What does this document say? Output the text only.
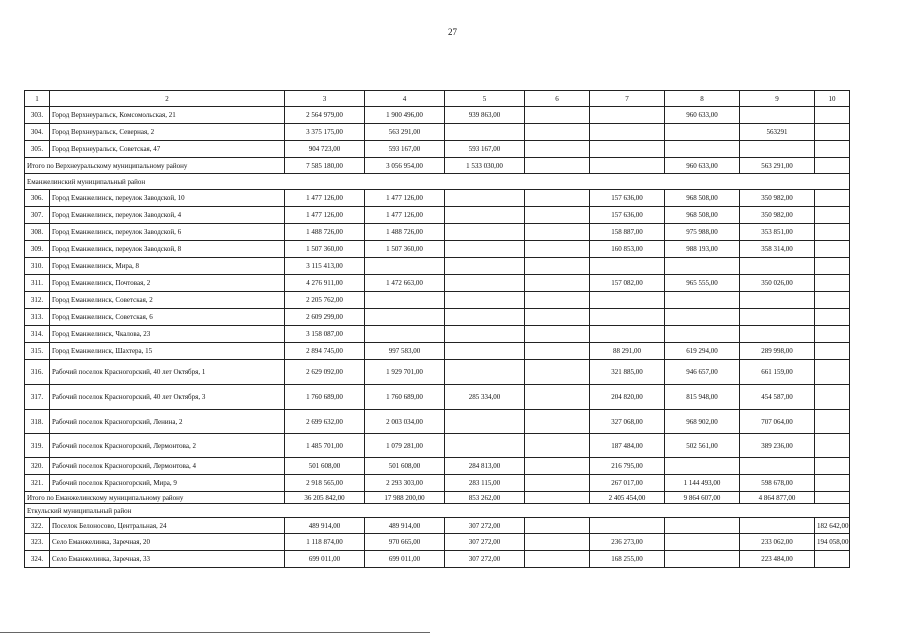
27
1	2	3	4	5	6	7	8	9	10
303.	Город Верхнеуральск, Комсомольская, 21	2 564 979,00	1 900 496,00	939 863,00			960 633,00		
304.	Город Верхнеуральск, Северная, 2	3 375 175,00	563 291,00					563291	
305.	Город Верхнеуральск, Советская, 47	904 723,00	593 167,00	593 167,00					
Итого по Верхнеуральскому муниципальному району		7 585 180,00	3 056 954,00	1 533 030,00			960 633,00	563 291,00	
Еманжелинский муниципальный район									
306.	Город Еманжелинск, переулок Заводской, 10	1 477 126,00	1 477 126,00			157 636,00	968 508,00	350 982,00	
307.	Город Еманжелинск, переулок Заводской, 4	1 477 126,00	1 477 126,00			157 636,00	968 508,00	350 982,00	
308.	Город Еманжелинск, переулок Заводской, 6	1 488 726,00	1 488 726,00			158 887,00	975 988,00	353 851,00	
309.	Город Еманжелинск, переулок Заводской, 8	1 507 360,00	1 507 360,00			160 853,00	988 193,00	358 314,00	
310.	Город Еманжелинск, Мира, 8	3 115 413,00							
311.	Город Еманжелинск, Почтовая, 2	4 276 911,00	1 472 663,00			157 082,00	965 555,00	350 026,00	
312.	Город Еманжелинск, Советская, 2	2 205 762,00							
313.	Город Еманжелинск, Советская, 6	2 609 299,00							
314.	Город Еманжелинск, Чкалова, 23	3 158 087,00							
315.	Город Еманжелинск, Шахтера, 15	2 894 745,00	997 583,00			88 291,00	619 294,00	289 998,00	
316.	Рабочий поселок Красногорский, 40 лет Октября, 1	2 629 092,00	1 929 701,00			321 885,00	946 657,00	661 159,00	
317.	Рабочий поселок Красногорский, 40 лет Октября, 3	1 760 689,00	1 760 689,00	285 334,00		204 820,00	815 948,00	454 587,00	
318.	Рабочий поселок Красногорский, Ленина, 2	2 699 632,00	2 003 034,00			327 068,00	968 902,00	707 064,00	
319.	Рабочий поселок Красногорский, Лермонтова, 2	1 485 701,00	1 079 281,00			187 484,00	502 561,00	389 236,00	
320.	Рабочий поселок Красногорский, Лермонтова, 4	501 608,00	501 608,00	284 813,00		216 795,00			
321.	Рабочий поселок Красногорский, Мира, 9	2 918 565,00	2 293 303,00	283 115,00		267 017,00	1 144 493,00	598 678,00	
Итого по Еманжелинскому муниципальному району		36 205 842,00	17 988 200,00	853 262,00		2 405 454,00	9 864 607,00	4 864 877,00	
Еткульский муниципальный район									
322.	Поселок Белоносово, Центральная, 24	489 914,00	489 914,00	307 272,00					182 642,00
323.	Село Еманжелинка, Заречная, 20	1 118 874,00	970 665,00	307 272,00		236 273,00		233 062,00	194 058,00
324.	Село Еманжелинка, Заречная, 33	699 011,00	699 011,00	307 272,00		168 255,00		223 484,00	
